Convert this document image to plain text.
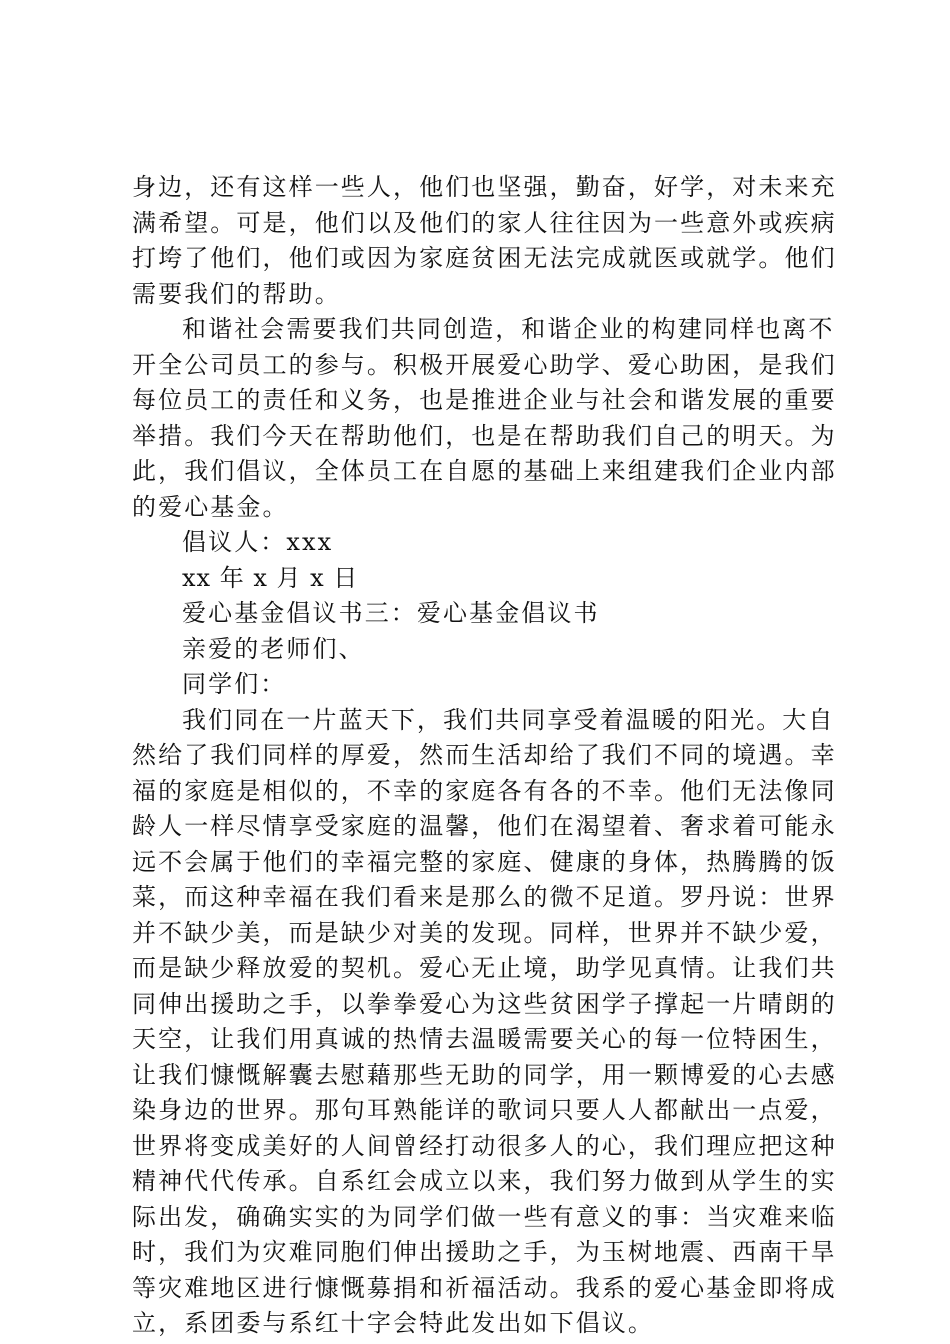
身边，还有这样一些人，他们也坚强，勤奋，好学，对未来充
满希望。可是，他们以及他们的家人往往因为一些意外或疾病
打垮了他们，他们或因为家庭贫困无法完成就医或就学。他们
需要我们的帮助。
和谐社会需要我们共同创造，和谐企业的构建同样也离不
开全公司员工的参与。积极开展爱心助学、爱心助困，是我们
每位员工的责任和义务，也是推进企业与社会和谐发展的重要
举措。我们今天在帮助他们，也是在帮助我们自己的明天。为
此，我们倡议，全体员工在自愿的基础上来组建我们企业内部
的爱心基金。
倡议人：xxx
xx 年 x 月 x 日
爱心基金倡议书三：爱心基金倡议书
亲爱的老师们、
同学们：
我们同在一片蓝天下，我们共同享受着温暖的阳光。大自
然给了我们同样的厚爱，然而生活却给了我们不同的境遇。幸
福的家庭是相似的，不幸的家庭各有各的不幸。他们无法像同
龄人一样尽情享受家庭的温馨，他们在渴望着、奢求着可能永
远不会属于他们的幸福完整的家庭、健康的身体，热腾腾的饭
菜，而这种幸福在我们看来是那么的微不足道。罗丹说：世界
并不缺少美，而是缺少对美的发现。同样，世界并不缺少爱，
而是缺少释放爱的契机。爱心无止境，助学见真情。让我们共
同伸出援助之手，以拳拳爱心为这些贫困学子撑起一片晴朗的
天空，让我们用真诚的热情去温暖需要关心的每一位特困生，
让我们慷慨解囊去慰藉那些无助的同学，用一颗博爱的心去感
染身边的世界。那句耳熟能详的歌词只要人人都献出一点爱，
世界将变成美好的人间曾经打动很多人的心，我们理应把这种
精神代代传承。自系红会成立以来，我们努力做到从学生的实
际出发，确确实实的为同学们做一些有意义的事：当灾难来临
时，我们为灾难同胞们伸出援助之手，为玉树地震、西南干旱
等灾难地区进行慷慨募捐和祈福活动。我系的爱心基金即将成
立，系团委与系红十字会特此发出如下倡议。
